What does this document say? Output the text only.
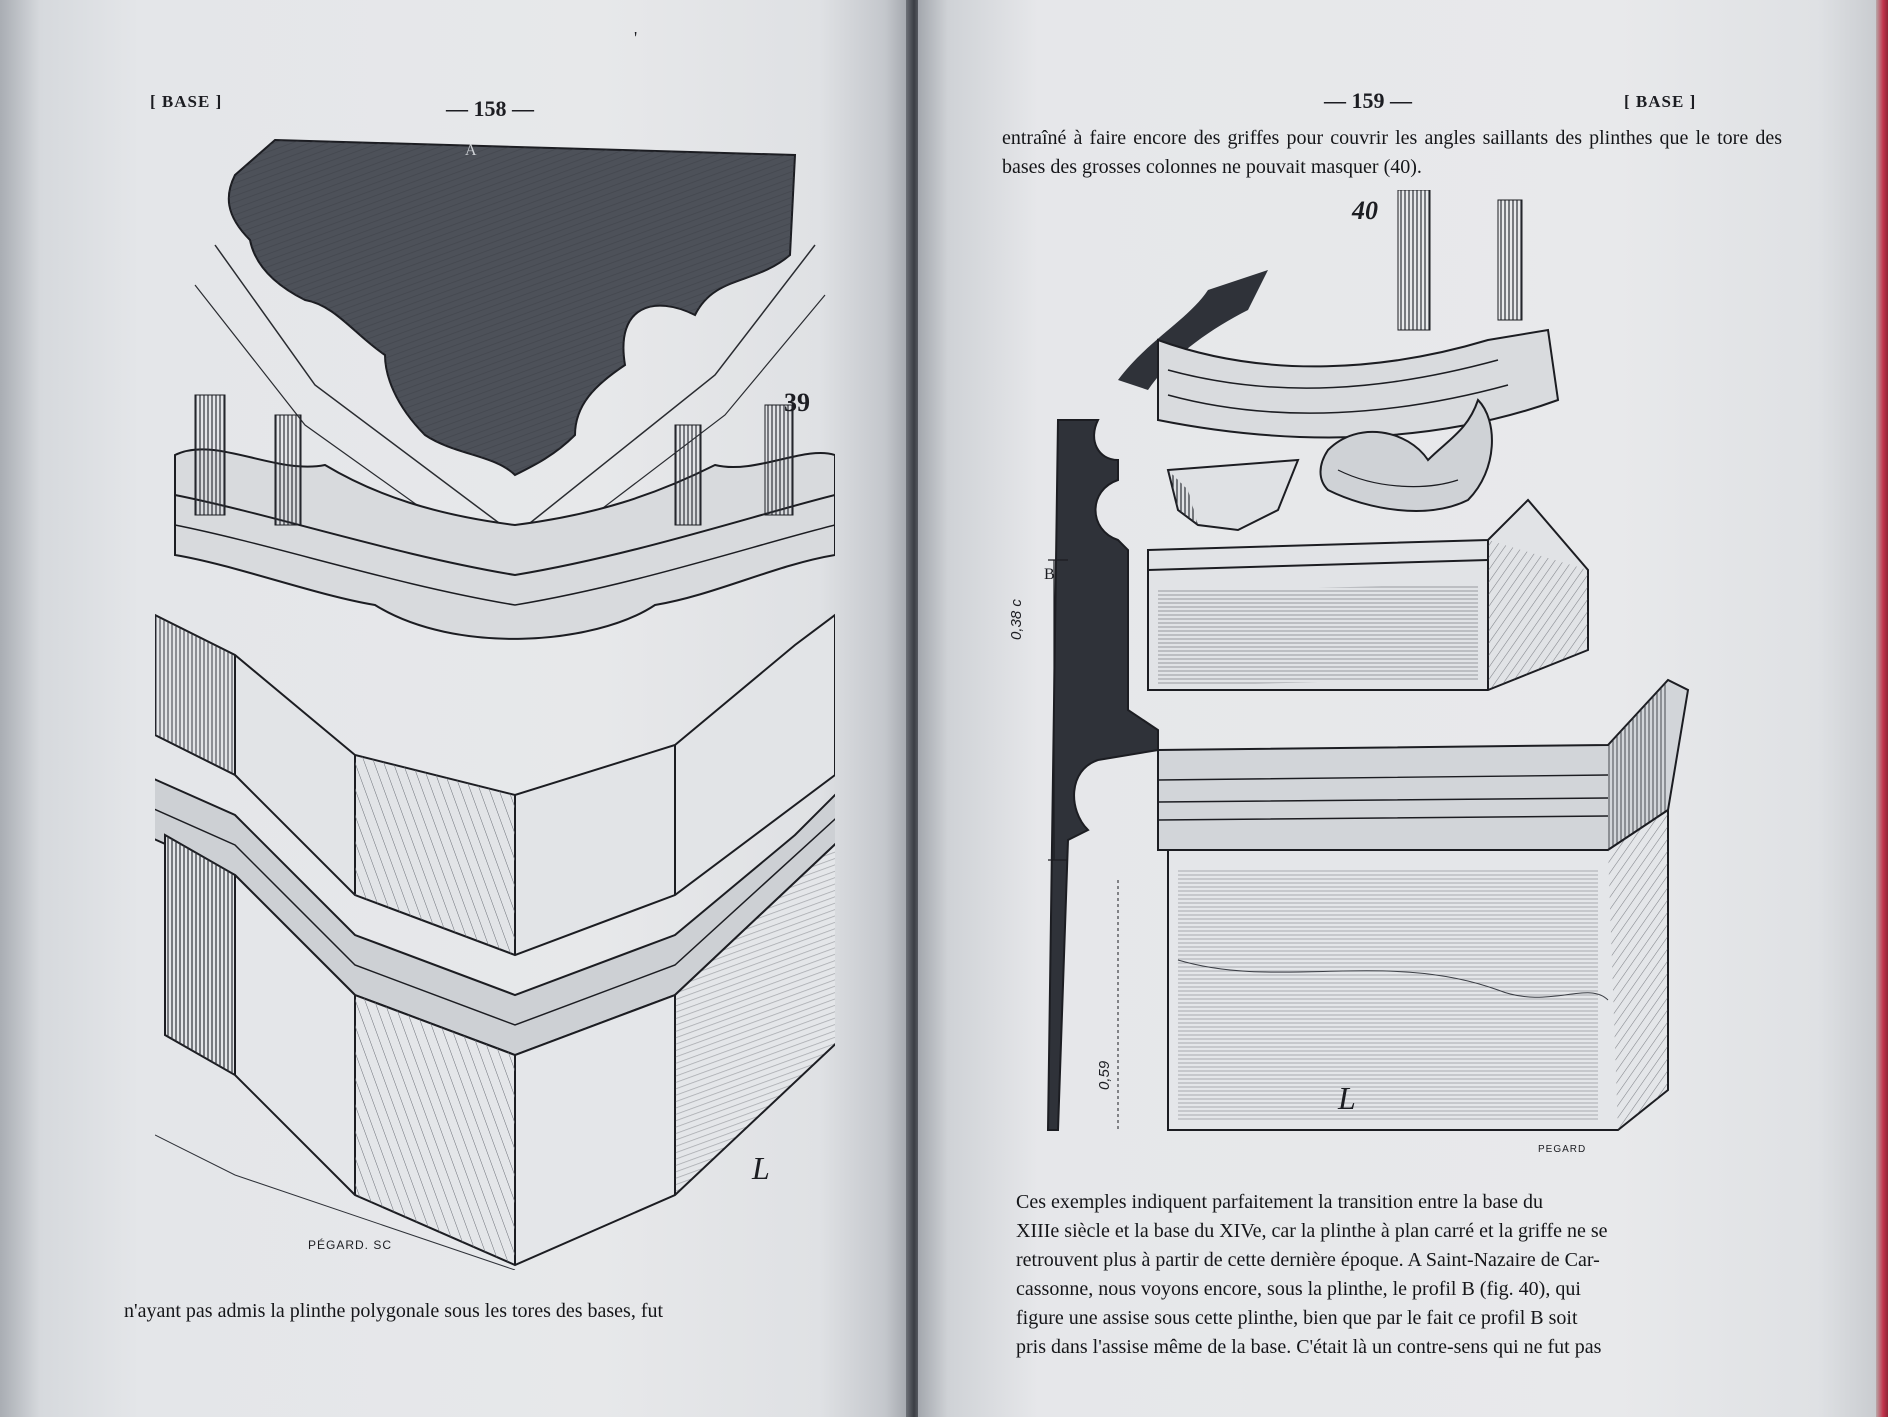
'
[ BASE ]	— 158 —
A
39
L
PÉGARD. SC
n'ayant pas admis la plinthe polygonale sous les tores des bases, fut

— 159 —	[ BASE ]
entraîné à faire encore des griffes pour couvrir les angles saillants des plinthes que le tore des bases des grosses colonnes ne pouvait masquer (40).
40
B
0,38 c
0,59
L
PEGARD
Ces exemples indiquent parfaitement la transition entre la base du
XIIIe siècle et la base du XIVe, car la plinthe à plan carré et la griffe ne se
retrouvent plus à partir de cette dernière époque. A Saint-Nazaire de Car-
cassonne, nous voyons encore, sous la plinthe, le profil B (fig. 40), qui
figure une assise sous cette plinthe, bien que par le fait ce profil B soit
pris dans l'assise même de la base. C'était là un contre-sens qui ne fut pas
